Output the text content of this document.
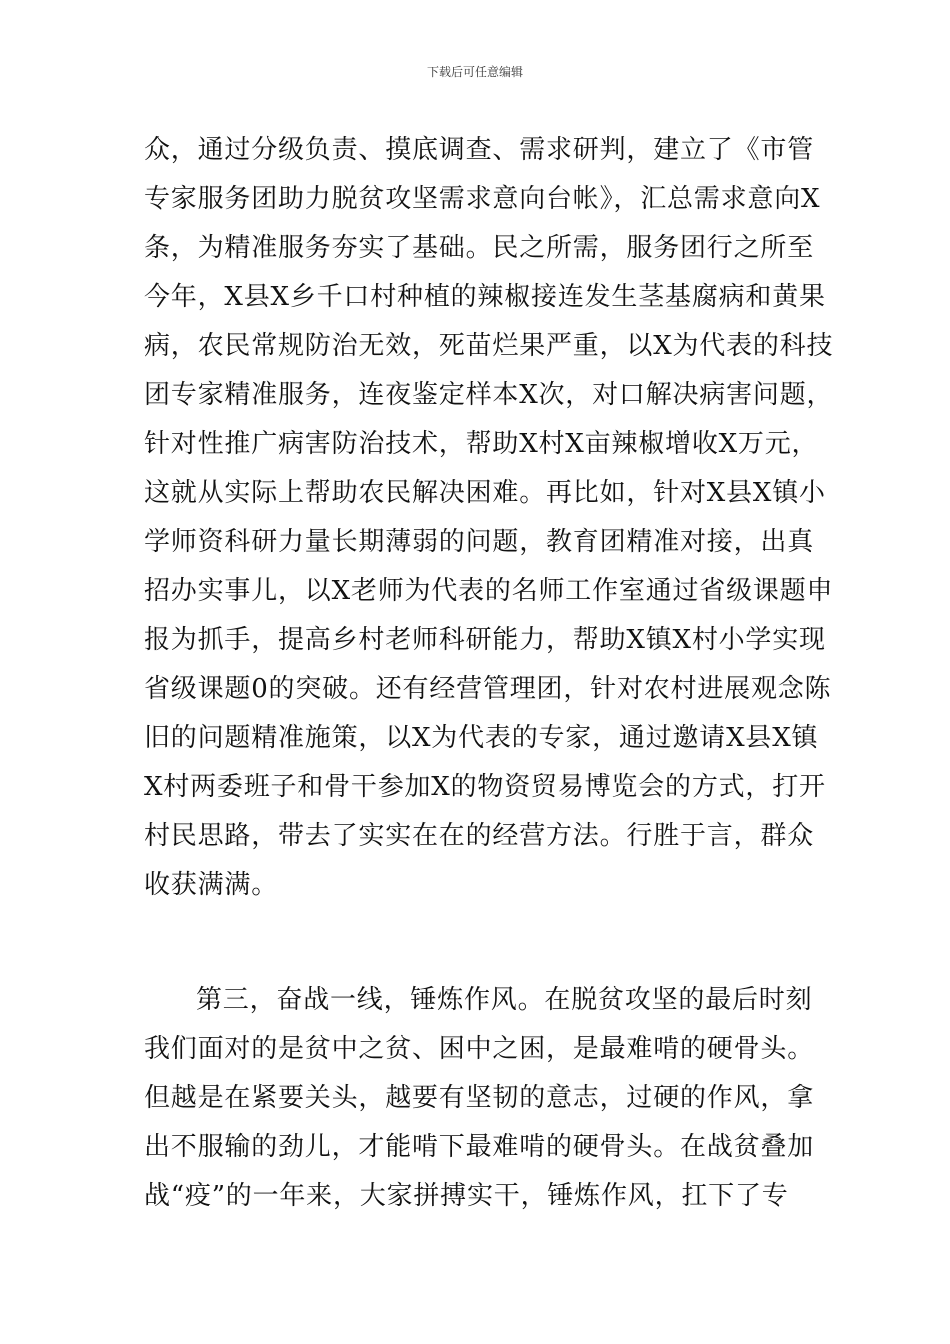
下载后可任意编辑
众，通过分级负责、摸底调查、需求研判，建立了《市管
专家服务团助力脱贫攻坚需求意向台帐》，汇总需求意向X
条，为精准服务夯实了基础。民之所需，服务团行之所至
今年，X县X乡千口村种植的辣椒接连发生茎基腐病和黄果
病，农民常规防治无效，死苗烂果严重，以X为代表的科技
团专家精准服务，连夜鉴定样本X次，对口解决病害问题，
针对性推广病害防治技术，帮助X村X亩辣椒增收X万元，
这就从实际上帮助农民解决困难。再比如，针对X县X镇小
学师资科研力量长期薄弱的问题，教育团精准对接，出真
招办实事儿，以X老师为代表的名师工作室通过省级课题申
报为抓手，提高乡村老师科研能力，帮助X镇X村小学实现
省级课题0的突破。还有经营管理团，针对农村进展观念陈
旧的问题精准施策，以X为代表的专家，通过邀请X县X镇
X村两委班子和骨干参加X的物资贸易博览会的方式，打开
村民思路，带去了实实在在的经营方法。行胜于言，群众
收获满满。
第三，奋战一线，锤炼作风。在脱贫攻坚的最后时刻
我们面对的是贫中之贫、困中之困，是最难啃的硬骨头。
但越是在紧要关头，越要有坚韧的意志，过硬的作风，拿
出不服输的劲儿，才能啃下最难啃的硬骨头。在战贫叠加
战“疫”的一年来，大家拼搏实干，锤炼作风，扛下了专
